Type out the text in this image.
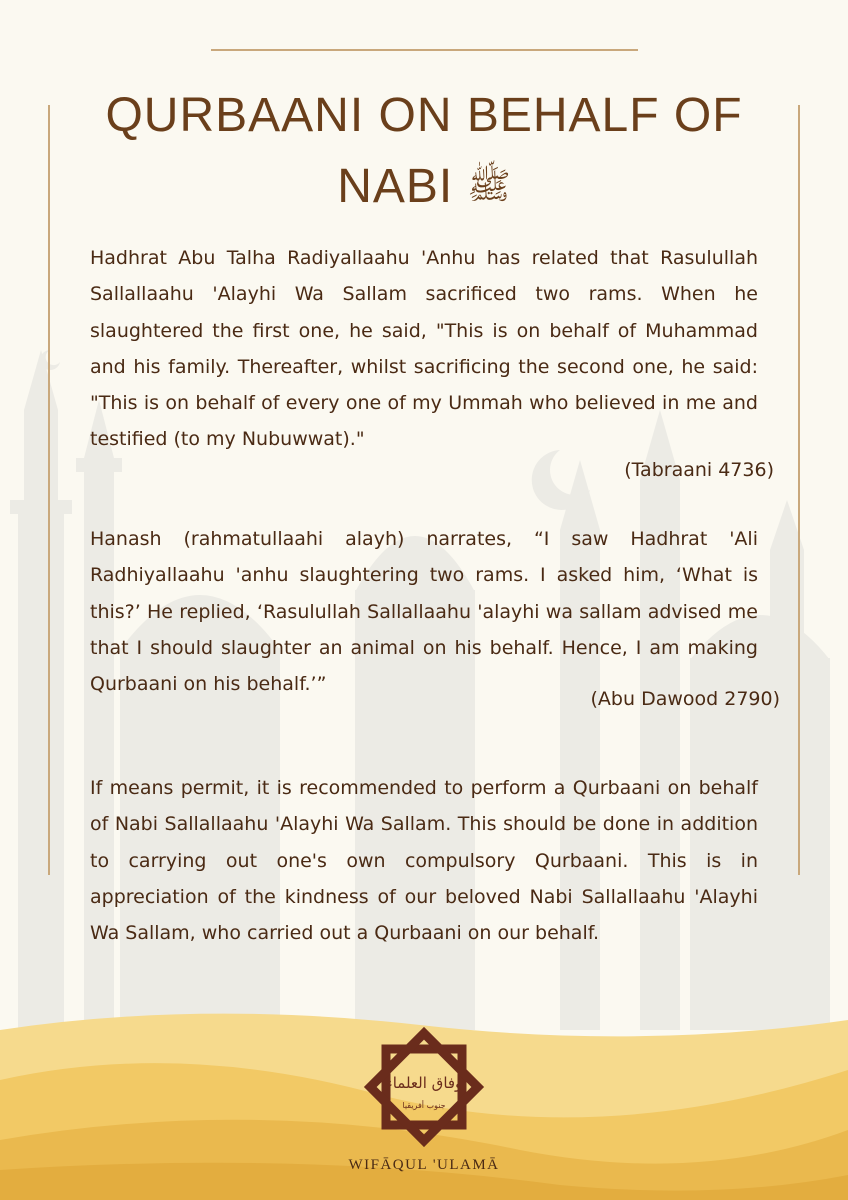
QURBAANI ON BEHALF OF
NABI ﷺ

Hadhrat Abu Talha Radiyallaahu 'Anhu has related that Rasulullah Sallallaahu 'Alayhi Wa Sallam sacrificed two rams. When he slaughtered the first one, he said, "This is on behalf of Muhammad and his family. Thereafter, whilst sacrificing the second one, he said: "This is on behalf of every one of my Ummah who believed in me and testified (to my Nubuwwat)."

(Tabraani 4736)

Hanash (rahmatullaahi alayh) narrates, “I saw Hadhrat 'Ali Radhiyallaahu 'anhu slaughtering two rams. I asked him, ‘What is this?’ He replied, ‘Rasulullah Sallallaahu 'alayhi wa sallam advised me that I should slaughter an animal on his behalf. Hence, I am making Qurbaani on his behalf.’”

(Abu Dawood 2790)

If means permit, it is recommended to perform a Qurbaani on behalf of Nabi Sallallaahu 'Alayhi Wa Sallam. This should be done in addition to carrying out one's own compulsory Qurbaani. This is in appreciation of the kindness of our beloved Nabi Sallallaahu 'Alayhi Wa Sallam, who carried out a Qurbaani on our behalf.

وفاق العلماء
جنوب أفريقيا
WIFĀQUL 'ULAMĀ
